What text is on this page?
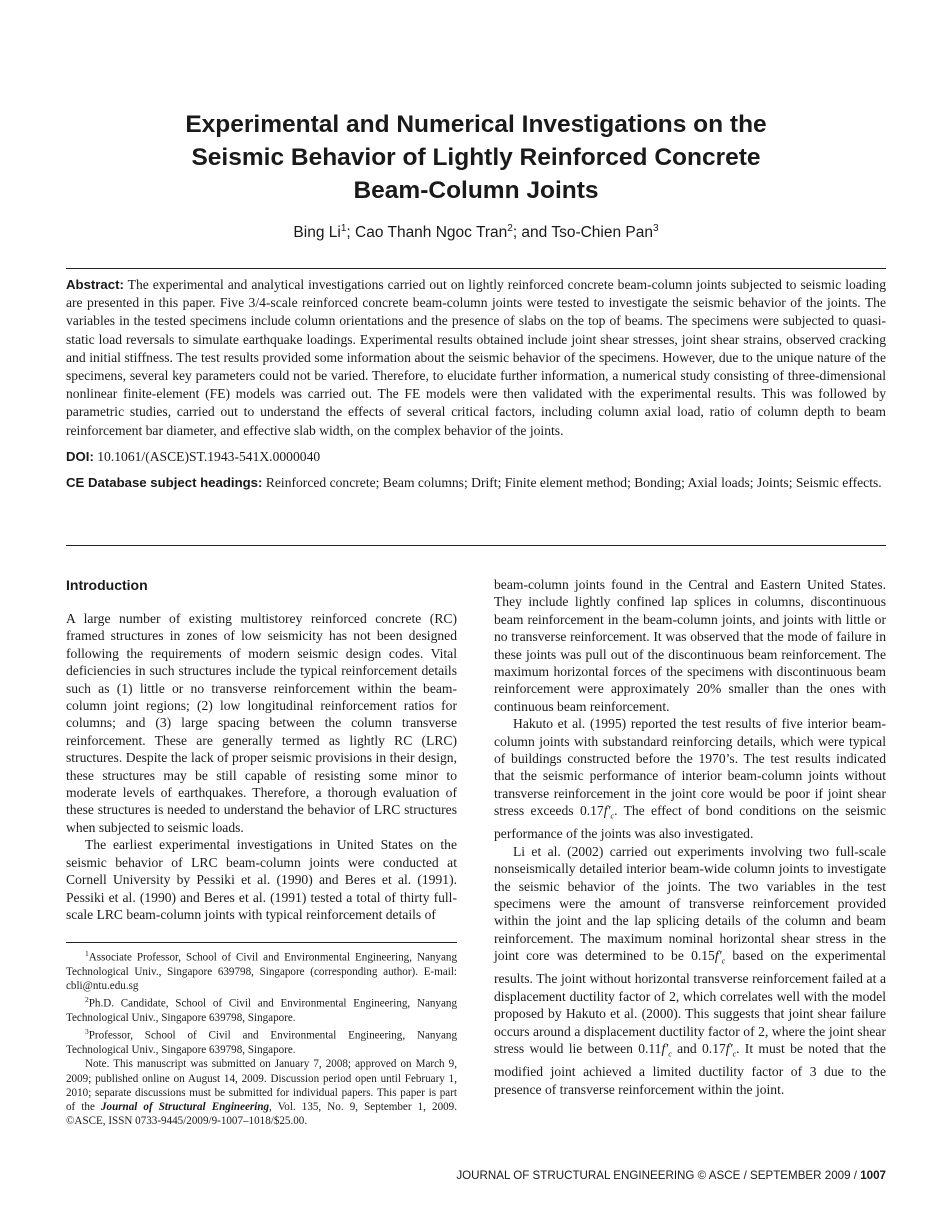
Experimental and Numerical Investigations on the
Seismic Behavior of Lightly Reinforced Concrete
Beam-Column Joints
Bing Li$^1$; Cao Thanh Ngoc Tran$^2$; and Tso-Chien Pan$^3$

Abstract: The experimental and analytical investigations carried out on lightly reinforced concrete beam-column joints subjected to seismic loading are presented in this paper. Five 3/4-scale reinforced concrete beam-column joints were tested to investigate the seismic behavior of the joints. The variables in the tested specimens include column orientations and the presence of slabs on the top of beams. The specimens were subjected to quasi-static load reversals to simulate earthquake loadings. Experimental results obtained include joint shear stresses, joint shear strains, observed cracking and initial stiffness. The test results provided some information about the seismic behavior of the specimens. However, due to the unique nature of the specimens, several key parameters could not be varied. Therefore, to elucidate further information, a numerical study consisting of three-dimensional nonlinear finite-element (FE) models was carried out. The FE models were then validated with the experimental results. This was followed by parametric studies, carried out to understand the effects of several critical factors, including column axial load, ratio of column depth to beam reinforcement bar diameter, and effective slab width, on the complex behavior of the joints.

DOI: 10.1061/(ASCE)ST.1943-541X.0000040

CE Database subject headings: Reinforced concrete; Beam columns; Drift; Finite element method; Bonding; Axial loads; Joints; Seismic effects.

Introduction

A large number of existing multistorey reinforced concrete (RC) framed structures in zones of low seismicity has not been designed following the requirements of modern seismic design codes. Vital deficiencies in such structures include the typical reinforcement details such as (1) little or no transverse reinforcement within the beam-column joint regions; (2) low longitudinal reinforcement ratios for columns; and (3) large spacing between the column transverse reinforcement. These are generally termed as lightly RC (LRC) structures. Despite the lack of proper seismic provisions in their design, these structures may be still capable of resisting some minor to moderate levels of earthquakes. Therefore, a thorough evaluation of these structures is needed to understand the behavior of LRC structures when subjected to seismic loads.

The earliest experimental investigations in United States on the seismic behavior of LRC beam-column joints were conducted at Cornell University by Pessiki et al. (1990) and Beres et al. (1991). Pessiki et al. (1990) and Beres et al. (1991) tested a total of thirty full-scale LRC beam-column joints with typical reinforcement details of

beam-column joints found in the Central and Eastern United States. They include lightly confined lap splices in columns, discontinuous beam reinforcement in the beam-column joints, and joints with little or no transverse reinforcement. It was observed that the mode of failure in these joints was pull out of the discontinuous beam reinforcement. The maximum horizontal forces of the specimens with discontinuous beam reinforcement were approximately 20% smaller than the ones with continuous beam reinforcement.

Hakuto et al. (1995) reported the test results of five interior beam-column joints with substandard reinforcing details, which were typical of buildings constructed before the 1970’s. The test results indicated that the seismic performance of interior beam-column joints without transverse reinforcement in the joint core would be poor if joint shear stress exceeds $0.17f'_c$. The effect of bond conditions on the seismic performance of the joints was also investigated.

Li et al. (2002) carried out experiments involving two full-scale nonseismically detailed interior beam-wide column joints to investigate the seismic behavior of the joints. The two variables in the test specimens were the amount of transverse reinforcement provided within the joint and the lap splicing details of the column and beam reinforcement. The maximum nominal horizontal shear stress in the joint core was determined to be $0.15f'_c$ based on the experimental results. The joint without horizontal transverse reinforcement failed at a displacement ductility factor of 2, which correlates well with the model proposed by Hakuto et al. (2000). This suggests that joint shear failure occurs around a displacement ductility factor of 2, where the joint shear stress would lie between $0.11f'_c$ and $0.17f'_c$. It must be noted that the modified joint achieved a limited ductility factor of 3 due to the presence of transverse reinforcement within the joint.

$^1$Associate Professor, School of Civil and Environmental Engineering, Nanyang Technological Univ., Singapore 639798, Singapore (corresponding author). E-mail: cbli@ntu.edu.sg

$^2$Ph.D. Candidate, School of Civil and Environmental Engineering, Nanyang Technological Univ., Singapore 639798, Singapore.

$^3$Professor, School of Civil and Environmental Engineering, Nanyang Technological Univ., Singapore 639798, Singapore.

Note. This manuscript was submitted on January 7, 2008; approved on March 9, 2009; published online on August 14, 2009. Discussion period open until February 1, 2010; separate discussions must be submitted for individual papers. This paper is part of the Journal of Structural Engineering, Vol. 135, No. 9, September 1, 2009. ©ASCE, ISSN 0733-9445/2009/9-1007–1018/$25.00.

JOURNAL OF STRUCTURAL ENGINEERING © ASCE / SEPTEMBER 2009 / 1007
